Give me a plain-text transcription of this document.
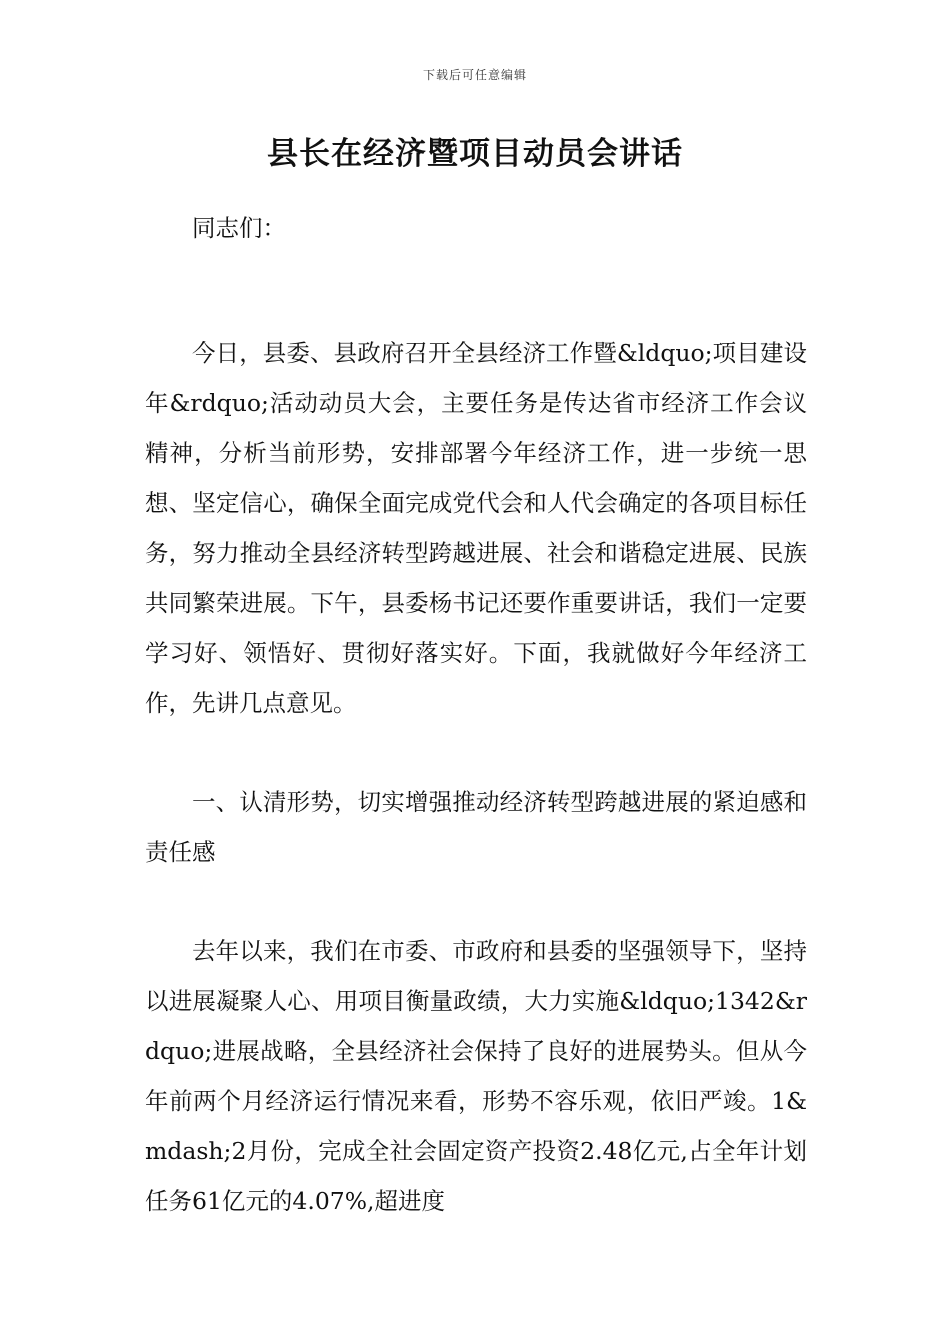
下载后可任意编辑
县长在经济暨项目动员会讲话

同志们：

今日，县委、县政府召开全县经济工作暨&ldquo;项目建设年&rdquo;活动动员大会，主要任务是传达省市经济工作会议精神，分析当前形势，安排部署今年经济工作，进一步统一思想、坚定信心，确保全面完成党代会和人代会确定的各项目标任务，努力推动全县经济转型跨越进展、社会和谐稳定进展、民族共同繁荣进展。下午，县委杨书记还要作重要讲话，我们一定要学习好、领悟好、贯彻好落实好。下面，我就做好今年经济工作，先讲几点意见。

一、认清形势，切实增强推动经济转型跨越进展的紧迫感和责任感

去年以来，我们在市委、市政府和县委的坚强领导下，坚持以进展凝聚人心、用项目衡量政绩，大力实施&ldquo;1342&rdquo;进展战略，全县经济社会保持了良好的进展势头。但从今年前两个月经济运行情况来看，形势不容乐观，依旧严竣。1&mdash;2月份，完成全社会固定资产投资2.48亿元,占全年计划任务61亿元的4.07%,超进度
